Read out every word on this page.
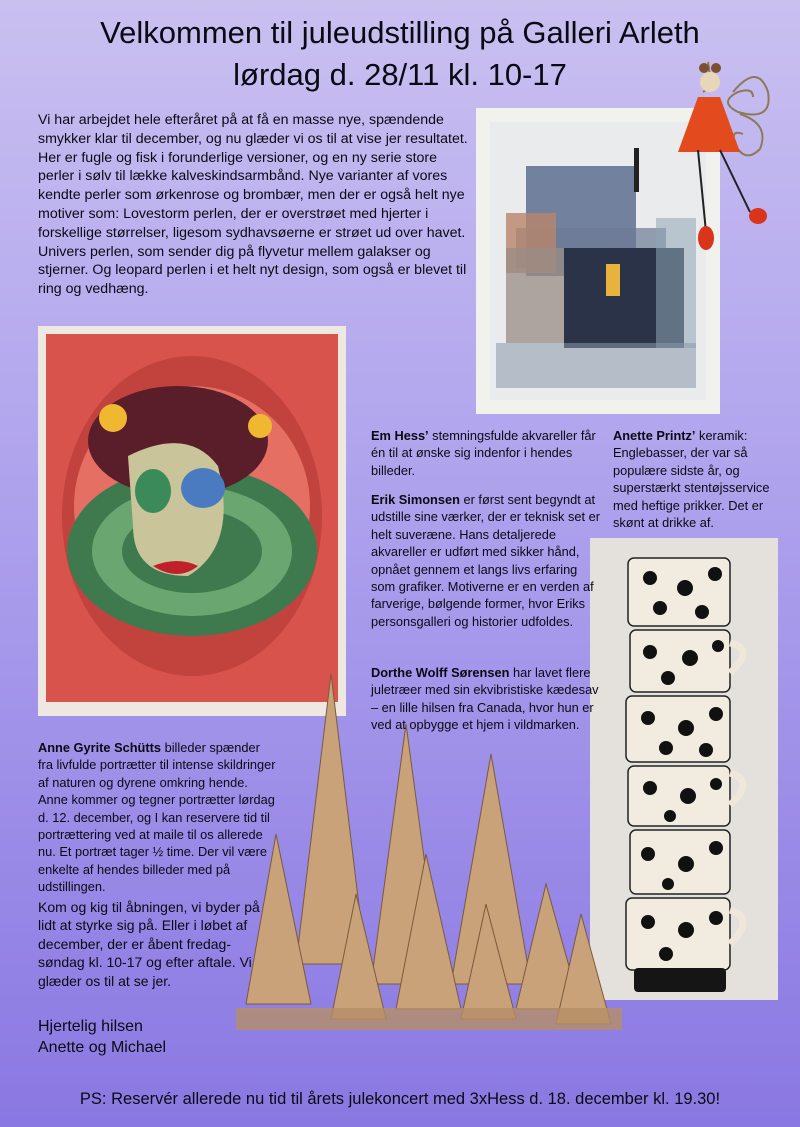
Velkommen til juleudstilling på Galleri Arleth
lørdag d. 28/11 kl. 10-17
Vi har arbejdet hele efteråret på at få en masse nye, spændende smykker klar til december, og nu glæder vi os til at vise jer resultatet. Her er fugle og fisk i forunderlige versioner, og en ny serie store perler i sølv til lække kalveskindsarmbånd. Nye varianter af vores kendte perler som ørkenrose og brombær, men der er også helt nye motiver som: Lovestorm perlen, der er overstrøet med hjerter i forskellige størrelser, ligesom sydhavsøerne er strøet ud over havet. Univers perlen, som sender dig på flyvetur mellem galakser og stjerner. Og leopard perlen i et helt nyt design, som også er blevet til ring og vedhæng.
Em Hess’ stemningsfulde akvareller får én til at ønske sig indenfor i hendes billeder.
Erik Simonsen er først sent begyndt at udstille sine værker, der er teknisk set er helt suveræne. Hans detaljerede akvareller er udført med sikker hånd, opnået gennem et langs livs erfaring som grafiker. Motiverne er en verden af farverige, bølgende former, hvor Eriks personsgalleri og historier udfoldes.
Dorthe Wolff Sørensen har lavet flere juletræer med sin ekvibristiske kædesav – en lille hilsen fra Canada, hvor hun er ved at opbygge et hjem i vildmarken.
Anette Printz’ keramik: Englebasser, der var så populære sidste år, og superstærkt stentøjsservice med heftige prikker. Det er skønt at drikke af.
Anne Gyrite Schütts billeder spænder fra livfulde portrætter til intense skildringer af naturen og dyrene omkring hende. Anne kommer og tegner portrætter lørdag d. 12. december, og I kan reservere tid til portrættering ved at maile til os allerede nu. Et portræt tager ½ time. Der vil være enkelte af hendes billeder med på udstillingen.
Kom og kig til åbningen, vi byder på lidt at styrke sig på. Eller i løbet af december, der er åbent fredag-søndag kl. 10-17 og efter aftale. Vi glæder os til at se jer.
Hjertelig hilsen
Anette og Michael
PS: Reservér allerede nu tid til årets julekoncert med 3xHess d. 18. december kl. 19.30!
